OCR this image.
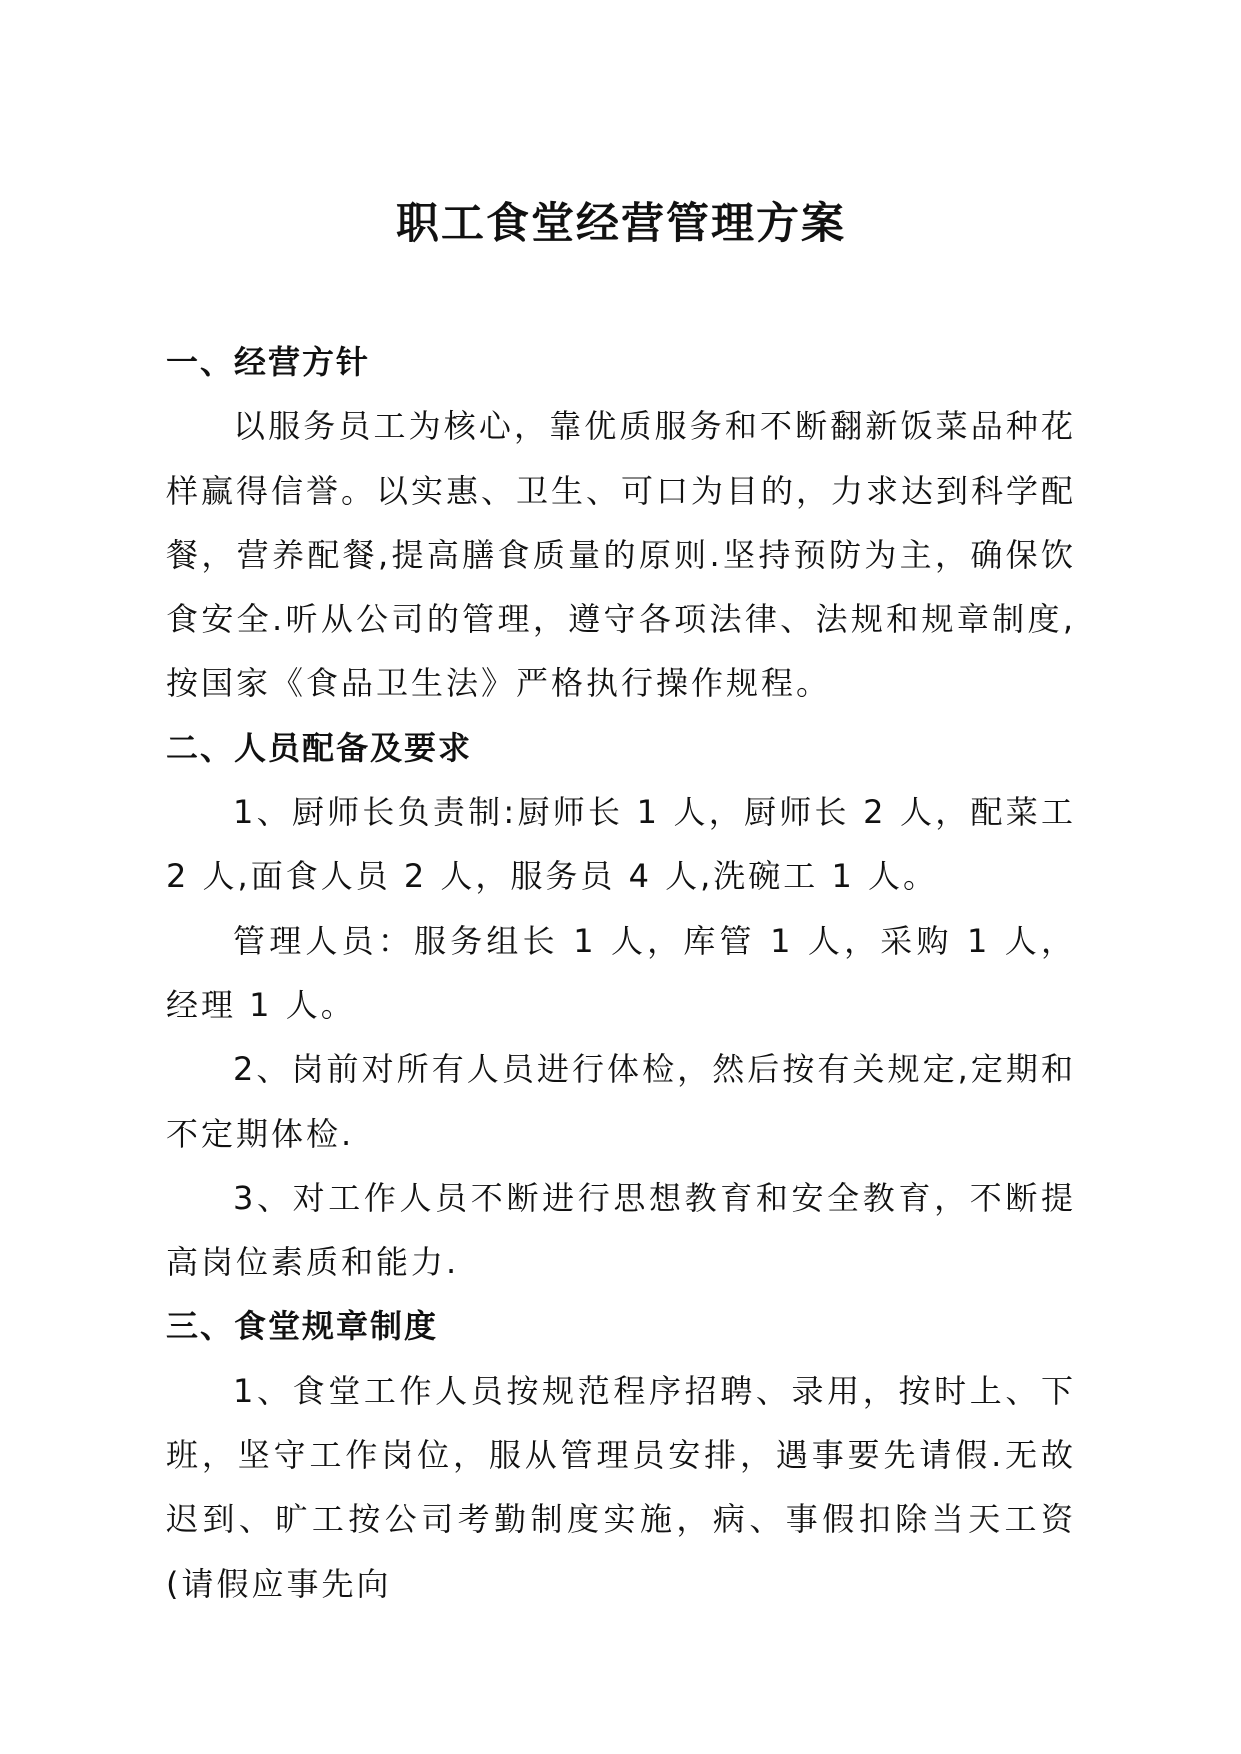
职工食堂经营管理方案
一、经营方针

以服务员工为核心，靠优质服务和不断翻新饭菜品种花样赢得信誉。以实惠、卫生、可口为目的，力求达到科学配餐，营养配餐,提高膳食质量的原则.坚持预防为主，确保饮食安全.听从公司的管理，遵守各项法律、法规和规章制度,按国家《食品卫生法》严格执行操作规程。

二、人员配备及要求

1、厨师长负责制:厨师长 1 人，厨师长 2 人，配菜工 2 人,面食人员 2 人，服务员 4 人,洗碗工 1 人。

管理人员：服务组长 1 人，库管 1 人，采购 1 人，经理 1 人。

2、岗前对所有人员进行体检，然后按有关规定,定期和不定期体检.

3、对工作人员不断进行思想教育和安全教育，不断提高岗位素质和能力.

三、食堂规章制度

1、食堂工作人员按规范程序招聘、录用，按时上、下班，坚守工作岗位，服从管理员安排，遇事要先请假.无故迟到、旷工按公司考勤制度实施，病、事假扣除当天工资(请假应事先向
